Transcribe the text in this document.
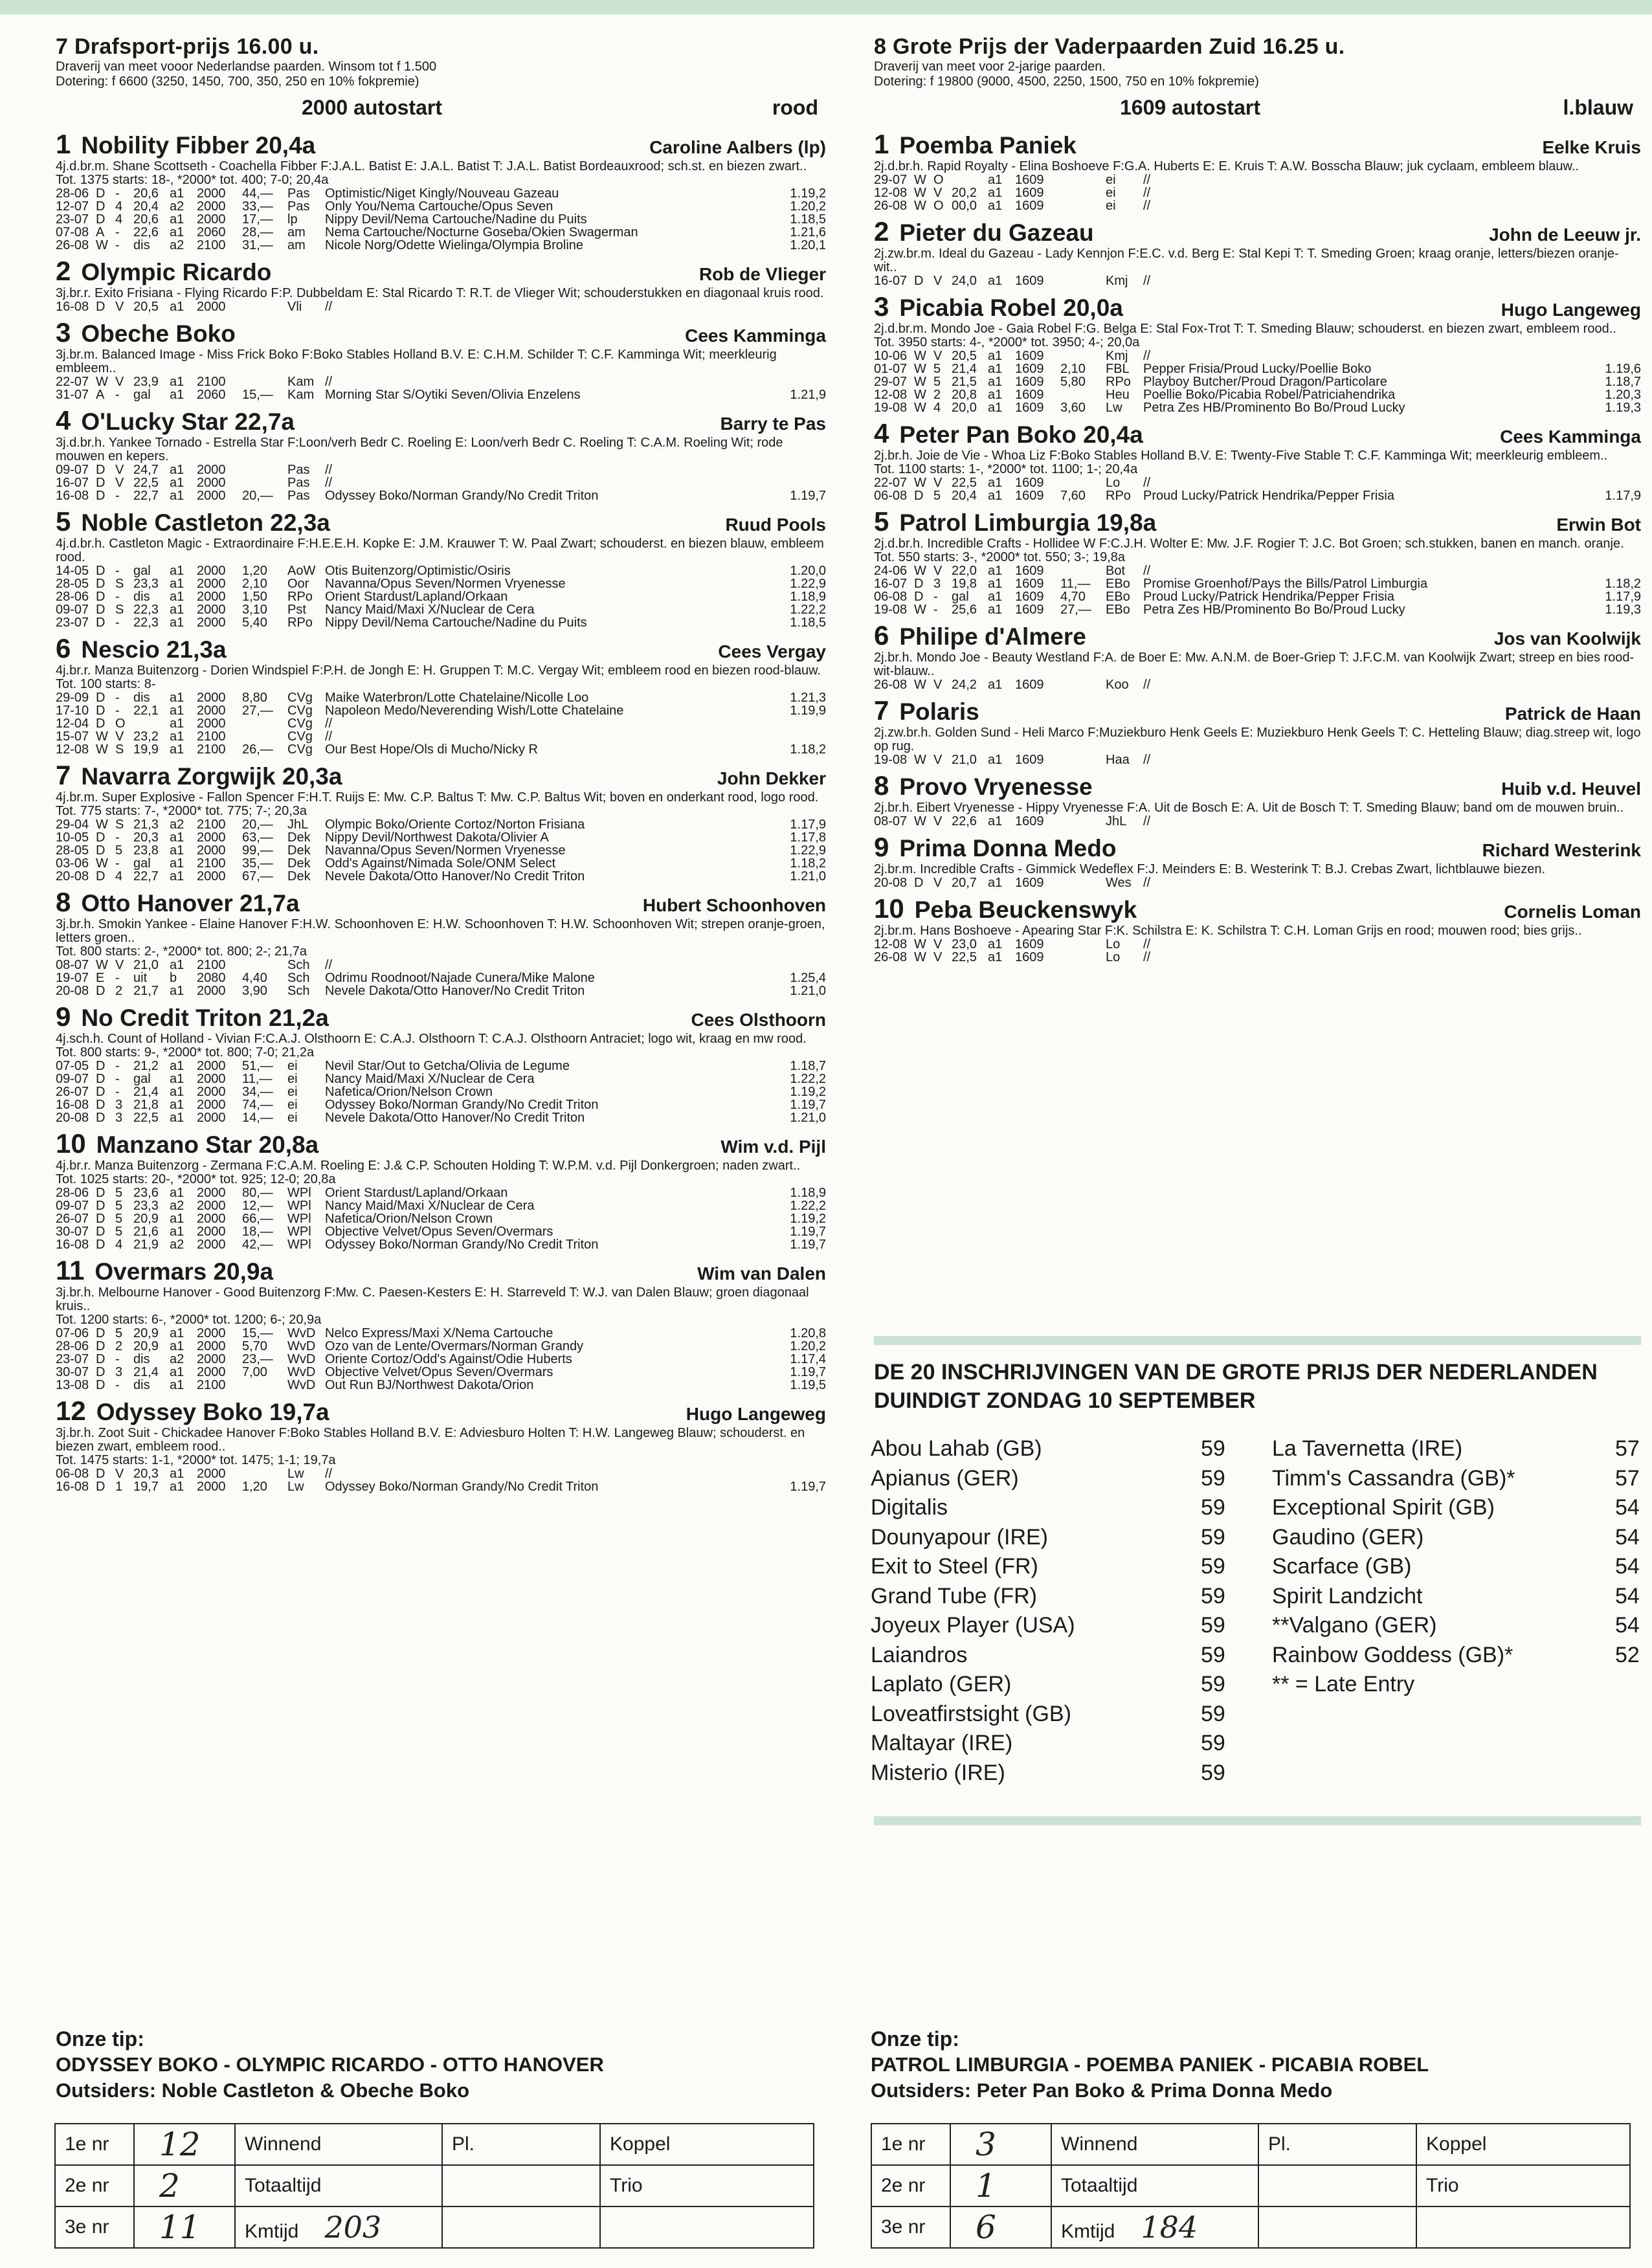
7 Drafsport-prijs 16.00 u.
Draverij van meet vooor Nederlandse paarden. Winsom tot f 1.500
Dotering: f 6600 (3250, 1450, 700, 350, 250 en 10% fokpremie)
2000 autostart	rood
1 Nobility Fibber 20,4a	Caroline Aalbers (lp)
4j.d.br.m. Shane Scottseth - Coachella Fibber F:J.A.L. Batist E: J.A.L. Batist T: J.A.L. Batist Bordeauxrood; sch.st. en biezen zwart..
Tot. 1375 starts: 18-, *2000* tot. 400; 7-0; 20,4a
28-06	D	-	20,6	a1	2000	44,—	Pas	Optimistic/Niget Kingly/Nouveau Gazeau	1.19,2
12-07	D	4	20,4	a2	2000	33,—	Pas	Only You/Nema Cartouche/Opus Seven	1.20,2
23-07	D	4	20,6	a1	2000	17,—	lp	Nippy Devil/Nema Cartouche/Nadine du Puits	1.18,5
07-08	A	-	22,6	a1	2060	28,—	am	Nema Cartouche/Nocturne Goseba/Okien Swagerman	1.21,6
26-08	W	-	dis	a2	2100	31,—	am	Nicole Norg/Odette Wielinga/Olympia Broline	1.20,1
2 Olympic Ricardo	Rob de Vlieger
3j.br.r. Exito Frisiana - Flying Ricardo F:P. Dubbeldam E: Stal Ricardo T: R.T. de Vlieger Wit; schouderstukken en diagonaal kruis rood.
16-08	D	V	20,5	a1	2000		Vli	//	
3 Obeche Boko	Cees Kamminga
3j.br.m. Balanced Image - Miss Frick Boko F:Boko Stables Holland B.V. E: C.H.M. Schilder T: C.F. Kamminga Wit; meerkleurig embleem..
22-07	W	V	23,9	a1	2100		Kam	//	
31-07	A	-	gal	a1	2060	15,—	Kam	Morning Star S/Oytiki Seven/Olivia Enzelens	1.21,9
4 O'Lucky Star 22,7a	Barry te Pas
3j.d.br.h. Yankee Tornado - Estrella Star F:Loon/verh Bedr C. Roeling E: Loon/verh Bedr C. Roeling T: C.A.M. Roeling Wit; rode mouwen en kepers.
09-07	D	V	24,7	a1	2000		Pas	//	
16-07	D	V	22,5	a1	2000		Pas	//	
16-08	D	-	22,7	a1	2000	20,—	Pas	Odyssey Boko/Norman Grandy/No Credit Triton	1.19,7
5 Noble Castleton 22,3a	Ruud Pools
4j.d.br.h. Castleton Magic - Extraordinaire F:H.E.E.H. Kopke E: J.M. Krauwer T: W. Paal Zwart; schouderst. en biezen blauw, embleem rood.
14-05	D	-	gal	a1	2000	1,20	AoW	Otis Buitenzorg/Optimistic/Osiris	1.20,0
28-05	D	S	23,3	a1	2000	2,10	Oor	Navanna/Opus Seven/Normen Vryenesse	1.22,9
28-06	D	-	dis	a1	2000	1,50	RPo	Orient Stardust/Lapland/Orkaan	1.18,9
09-07	D	S	22,3	a1	2000	3,10	Pst	Nancy Maid/Maxi X/Nuclear de Cera	1.22,2
23-07	D	-	22,3	a1	2000	5,40	RPo	Nippy Devil/Nema Cartouche/Nadine du Puits	1.18,5
6 Nescio 21,3a	Cees Vergay
4j.br.r. Manza Buitenzorg - Dorien Windspiel F:P.H. de Jongh E: H. Gruppen T: M.C. Vergay Wit; embleem rood en biezen rood-blauw.
Tot. 100 starts: 8-
29-09	D	-	dis	a1	2000	8,80	CVg	Maike Waterbron/Lotte Chatelaine/Nicolle Loo	1.21,3
17-10	D	-	22,1	a1	2000	27,—	CVg	Napoleon Medo/Neverending Wish/Lotte Chatelaine	1.19,9
12-04	D	O		a1	2000		CVg	//	
15-07	W	V	23,2	a1	2100		CVg	//	
12-08	W	S	19,9	a1	2100	26,—	CVg	Our Best Hope/Ols di Mucho/Nicky R	1.18,2
7 Navarra Zorgwijk 20,3a	John Dekker
4j.br.m. Super Explosive - Fallon Spencer F:H.T. Ruijs E: Mw. C.P. Baltus T: Mw. C.P. Baltus Wit; boven en onderkant rood, logo rood.
Tot. 775 starts: 7-, *2000* tot. 775; 7-; 20,3a
29-04	W	S	21,3	a2	2100	20,—	JhL	Olympic Boko/Oriente Cortoz/Norton Frisiana	1.17,9
10-05	D	-	20,3	a1	2000	63,—	Dek	Nippy Devil/Northwest Dakota/Olivier A	1.17,8
28-05	D	5	23,8	a1	2000	99,—	Dek	Navanna/Opus Seven/Normen Vryenesse	1.22,9
03-06	W	-	gal	a1	2100	35,—	Dek	Odd's Against/Nimada Sole/ONM Select	1.18,2
20-08	D	4	22,7	a1	2000	67,—	Dek	Nevele Dakota/Otto Hanover/No Credit Triton	1.21,0
8 Otto Hanover 21,7a	Hubert Schoonhoven
3j.br.h. Smokin Yankee - Elaine Hanover F:H.W. Schoonhoven E: H.W. Schoonhoven T: H.W. Schoonhoven Wit; strepen oranje-groen, letters groen..
Tot. 800 starts: 2-, *2000* tot. 800; 2-; 21,7a
08-07	W	V	21,0	a1	2100		Sch	//	
19-07	E	-	uit	b	2080	4,40	Sch	Odrimu Roodnoot/Najade Cunera/Mike Malone	1.25,4
20-08	D	2	21,7	a1	2000	3,90	Sch	Nevele Dakota/Otto Hanover/No Credit Triton	1.21,0
9 No Credit Triton 21,2a	Cees Olsthoorn
4j.sch.h. Count of Holland - Vivian F:C.A.J. Olsthoorn E: C.A.J. Olsthoorn T: C.A.J. Olsthoorn Antraciet; logo wit, kraag en mw rood.
Tot. 800 starts: 9-, *2000* tot. 800; 7-0; 21,2a
07-05	D	-	21,2	a1	2000	51,—	ei	Nevil Star/Out to Getcha/Olivia de Legume	1.18,7
09-07	D	-	gal	a1	2000	11,—	ei	Nancy Maid/Maxi X/Nuclear de Cera	1.22,2
26-07	D	-	21,4	a1	2000	34,—	ei	Nafetica/Orion/Nelson Crown	1.19,2
16-08	D	3	21,8	a1	2000	74,—	ei	Odyssey Boko/Norman Grandy/No Credit Triton	1.19,7
20-08	D	3	22,5	a1	2000	14,—	ei	Nevele Dakota/Otto Hanover/No Credit Triton	1.21,0
10 Manzano Star 20,8a	Wim v.d. Pijl
4j.br.r. Manza Buitenzorg - Zermana F:C.A.M. Roeling E: J.& C.P. Schouten Holding T: W.P.M. v.d. Pijl Donkergroen; naden zwart..
Tot. 1025 starts: 20-, *2000* tot. 925; 12-0; 20,8a
28-06	D	5	23,6	a1	2000	80,—	WPl	Orient Stardust/Lapland/Orkaan	1.18,9
09-07	D	5	23,3	a2	2000	12,—	WPl	Nancy Maid/Maxi X/Nuclear de Cera	1.22,2
26-07	D	5	20,9	a1	2000	66,—	WPl	Nafetica/Orion/Nelson Crown	1.19,2
30-07	D	5	21,6	a1	2000	18,—	WPl	Objective Velvet/Opus Seven/Overmars	1.19,7
16-08	D	4	21,9	a2	2000	42,—	WPl	Odyssey Boko/Norman Grandy/No Credit Triton	1.19,7
11 Overmars 20,9a	Wim van Dalen
3j.br.h. Melbourne Hanover - Good Buitenzorg F:Mw. C. Paesen-Kesters E: H. Starreveld T: W.J. van Dalen Blauw; groen diagonaal kruis..
Tot. 1200 starts: 6-, *2000* tot. 1200; 6-; 20,9a
07-06	D	5	20,9	a1	2000	15,—	WvD	Nelco Express/Maxi X/Nema Cartouche	1.20,8
28-06	D	2	20,9	a1	2000	5,70	WvD	Ozo van de Lente/Overmars/Norman Grandy	1.20,2
23-07	D	-	dis	a2	2000	23,—	WvD	Oriente Cortoz/Odd's Against/Odie Huberts	1.17,4
30-07	D	3	21,4	a1	2000	7,00	WvD	Objective Velvet/Opus Seven/Overmars	1.19,7
13-08	D	-	dis	a1	2100		WvD	Out Run BJ/Northwest Dakota/Orion	1.19,5
12 Odyssey Boko 19,7a	Hugo Langeweg
3j.br.h. Zoot Suit - Chickadee Hanover F:Boko Stables Holland B.V. E: Adviesburo Holten T: H.W. Langeweg Blauw; schouderst. en biezen zwart, embleem rood..
Tot. 1475 starts: 1-1, *2000* tot. 1475; 1-1; 19,7a
06-08	D	V	20,3	a1	2000		Lw	//	
16-08	D	1	19,7	a1	2000	1,20	Lw	Odyssey Boko/Norman Grandy/No Credit Triton	1.19,7
8 Grote Prijs der Vaderpaarden Zuid 16.25 u.
Draverij van meet voor 2-jarige paarden.
Dotering: f 19800 (9000, 4500, 2250, 1500, 750 en 10% fokpremie)
1609 autostart	l.blauw
1 Poemba Paniek	Eelke Kruis
2j.d.br.h. Rapid Royalty - Elina Boshoeve F:G.A. Huberts E: E. Kruis T: A.W. Bosscha Blauw; juk cyclaam, embleem blauw..
29-07	W	O		a1	1609		ei	//	
12-08	W	V	20,2	a1	1609		ei	//	
26-08	W	O	00,0	a1	1609		ei	//	
2 Pieter du Gazeau	John de Leeuw jr.
2j.zw.br.m. Ideal du Gazeau - Lady Kennjon F:E.C. v.d. Berg E: Stal Kepi T: T. Smeding Groen; kraag oranje, letters/biezen oranje-wit..
16-07	D	V	24,0	a1	1609		Kmj	//	
3 Picabia Robel 20,0a	Hugo Langeweg
2j.d.br.m. Mondo Joe - Gaia Robel F:G. Belga E: Stal Fox-Trot T: T. Smeding Blauw; schouderst. en biezen zwart, embleem rood..
Tot. 3950 starts: 4-, *2000* tot. 3950; 4-; 20,0a
10-06	W	V	20,5	a1	1609		Kmj	//	
01-07	W	5	21,4	a1	1609	2,10	FBL	Pepper Frisia/Proud Lucky/Poellie Boko	1.19,6
29-07	W	5	21,5	a1	1609	5,80	RPo	Playboy Butcher/Proud Dragon/Particolare	1.18,7
12-08	W	2	20,8	a1	1609		Heu	Poellie Boko/Picabia Robel/Patriciahendrika	1.20,3
19-08	W	4	20,0	a1	1609	3,60	Lw	Petra Zes HB/Prominento Bo Bo/Proud Lucky	1.19,3
4 Peter Pan Boko 20,4a	Cees Kamminga
2j.br.h. Joie de Vie - Whoa Liz F:Boko Stables Holland B.V. E: Twenty-Five Stable T: C.F. Kamminga Wit; meerkleurig embleem..
Tot. 1100 starts: 1-, *2000* tot. 1100; 1-; 20,4a
22-07	W	V	22,5	a1	1609		Lo	//	
06-08	D	5	20,4	a1	1609	7,60	RPo	Proud Lucky/Patrick Hendrika/Pepper Frisia	1.17,9
5 Patrol Limburgia 19,8a	Erwin Bot
2j.d.br.h. Incredible Crafts - Hollidee W F:C.J.H. Wolter E: Mw. J.F. Rogier T: J.C. Bot Groen; sch.stukken, banen en manch. oranje.
Tot. 550 starts: 3-, *2000* tot. 550; 3-; 19,8a
24-06	W	V	22,0	a1	1609		Bot	//	
16-07	D	3	19,8	a1	1609	11,—	EBo	Promise Groenhof/Pays the Bills/Patrol Limburgia	1.18,2
06-08	D	-	gal	a1	1609	4,70	EBo	Proud Lucky/Patrick Hendrika/Pepper Frisia	1.17,9
19-08	W	-	25,6	a1	1609	27,—	EBo	Petra Zes HB/Prominento Bo Bo/Proud Lucky	1.19,3
6 Philipe d'Almere	Jos van Koolwijk
2j.br.h. Mondo Joe - Beauty Westland F:A. de Boer E: Mw. A.N.M. de Boer-Griep T: J.F.C.M. van Koolwijk Zwart; streep en bies rood-wit-blauw..
26-08	W	V	24,2	a1	1609		Koo	//	
7 Polaris	Patrick de Haan
2j.zw.br.h. Golden Sund - Heli Marco F:Muziekburo Henk Geels E: Muziekburo Henk Geels T: C. Hetteling Blauw; diag.streep wit, logo op rug.
19-08	W	V	21,0	a1	1609		Haa	//	
8 Provo Vryenesse	Huib v.d. Heuvel
2j.br.h. Eibert Vryenesse - Hippy Vryenesse F:A. Uit de Bosch E: A. Uit de Bosch T: T. Smeding Blauw; band om de mouwen bruin..
08-07	W	V	22,6	a1	1609		JhL	//	
9 Prima Donna Medo	Richard Westerink
2j.br.m. Incredible Crafts - Gimmick Wedeflex F:J. Meinders E: B. Westerink T: B.J. Crebas Zwart, lichtblauwe biezen.
20-08	D	V	20,7	a1	1609		Wes	//	
10 Peba Beuckenswyk	Cornelis Loman
2j.br.m. Hans Boshoeve - Apearing Star F:K. Schilstra E: K. Schilstra T: C.H. Loman Grijs en rood; mouwen rood; bies grijs..
12-08	W	V	23,0	a1	1609		Lo	//	
26-08	W	V	22,5	a1	1609		Lo	//	
DE 20 INSCHRIJVINGEN VAN DE GROTE PRIJS DER NEDERLANDEN
DUINDIGT ZONDAG 10 SEPTEMBER
Abou Lahab (GB)	59
Apianus (GER)	59
Digitalis	59
Dounyapour (IRE)	59
Exit to Steel (FR)	59
Grand Tube (FR)	59
Joyeux Player (USA)	59
Laiandros	59
Laplato (GER)	59
Loveatfirstsight (GB)	59
Maltayar (IRE)	59
Misterio (IRE)	59
La Tavernetta (IRE)	57
Timm's Cassandra (GB)*	57
Exceptional Spirit (GB)	54
Gaudino (GER)	54
Scarface (GB)	54
Spirit Landzicht	54
**Valgano (GER)	54
Rainbow Goddess (GB)*	52
** = Late Entry
Onze tip:
ODYSSEY BOKO - OLYMPIC RICARDO - OTTO HANOVER
Outsiders: Noble Castleton & Obeche Boko
Onze tip:
PATROL LIMBURGIA - POEMBA PANIEK - PICABIA ROBEL
Outsiders: Peter Pan Boko & Prima Donna Medo
1e nr	12	Winnend	Pl.	Koppel
2e nr	2	Totaaltijd		Trio
3e nr	11	Kmtijd 203		
1e nr	3	Winnend	Pl.	Koppel
2e nr	1	Totaaltijd		Trio
3e nr	6	Kmtijd 184		
